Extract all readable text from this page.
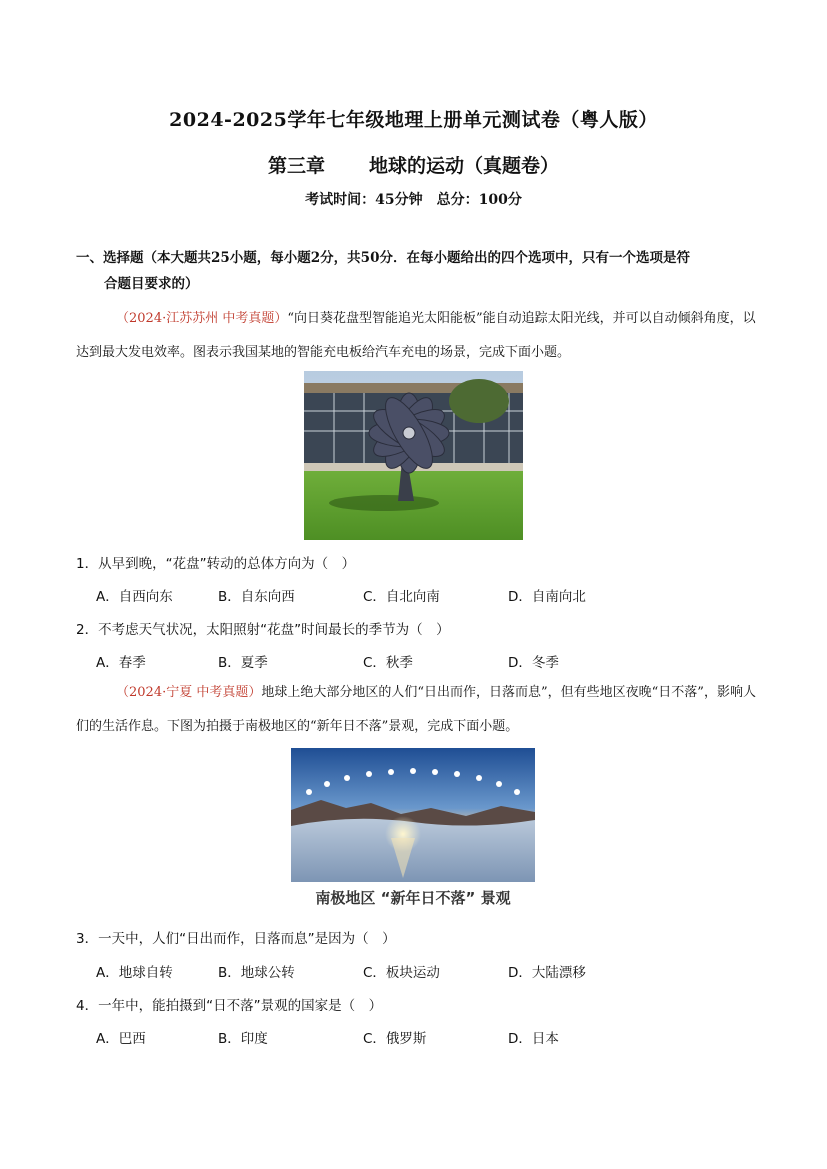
2024-2025学年七年级地理上册单元测试卷（粤人版）
第三章 地球的运动（真题卷）
考试时间：45分钟　总分：100分
一、选择题（本大题共25小题，每小题2分，共50分．在每小题给出的四个选项中，只有一个选项是符
合题目要求的）
（2024·江苏苏州 中考真题）“向日葵花盘型智能追光太阳能板”能自动追踪太阳光线，并可以自动倾斜角度，以达到最大发电效率。图表示我国某地的智能充电板给汽车充电的场景，完成下面小题。
1．从早到晚，“花盘”转动的总体方向为（　）
A．自西向东	B．自东向西	C．自北向南	D．自南向北
2．不考虑天气状况，太阳照射“花盘”时间最长的季节为（　）
A．春季	B．夏季	C．秋季	D．冬季
（2024·宁夏 中考真题）地球上绝大部分地区的人们“日出而作，日落而息”，但有些地区夜晚“日不落”，影响人们的生活作息。下图为拍摄于南极地区的“新年日不落”景观，完成下面小题。
南极地区 “新年日不落” 景观
3．一天中，人们“日出而作，日落而息”是因为（　）
A．地球自转	B．地球公转	C．板块运动	D．大陆漂移
4．一年中，能拍摄到“日不落”景观的国家是（　）
A．巴西	B．印度	C．俄罗斯	D．日本
